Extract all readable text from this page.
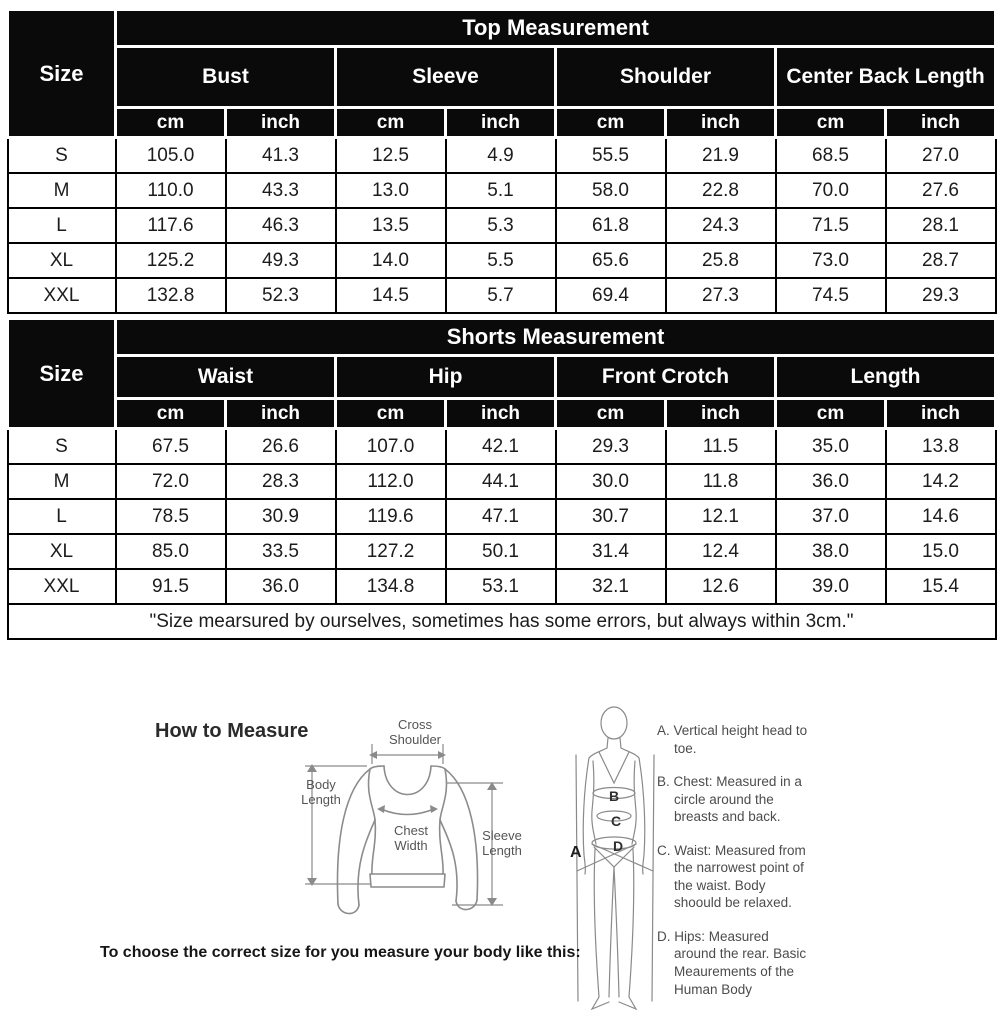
Size	Top Measurement							
	Bust		Sleeve		Shoulder		Center Back Length	
	cm	inch	cm	inch	cm	inch	cm	inch
S	105.0	41.3	12.5	4.9	55.5	21.9	68.5	27.0
M	110.0	43.3	13.0	5.1	58.0	22.8	70.0	27.6
L	117.6	46.3	13.5	5.3	61.8	24.3	71.5	28.1
XL	125.2	49.3	14.0	5.5	65.6	25.8	73.0	28.7
XXL	132.8	52.3	14.5	5.7	69.4	27.3	74.5	29.3
Size	Shorts Measurement							
	Waist		Hip		Front Crotch		Length	
	cm	inch	cm	inch	cm	inch	cm	inch
S	67.5	26.6	107.0	42.1	29.3	11.5	35.0	13.8
M	72.0	28.3	112.0	44.1	30.0	11.8	36.0	14.2
L	78.5	30.9	119.6	47.1	30.7	12.1	37.0	14.6
XL	85.0	33.5	127.2	50.1	31.4	12.4	38.0	15.0
XXL	91.5	36.0	134.8	53.1	32.1	12.6	39.0	15.4
"Size mearsured by ourselves, sometimes has some errors, but always within 3cm."								
How to Measure	Cross Shoulder
Body Length
Chest Width
Sleeve Length	A
B
C
D

A. Vertical height head to toe.

B. Chest: Measured in a circle around the breasts and back.

C. Waist: Measured from the narrowest point of the waist. Body shoould be relaxed.

D. Hips: Measured around the rear. Basic Meaurements of the Human Body

To choose the correct size for you measure your body like this:
